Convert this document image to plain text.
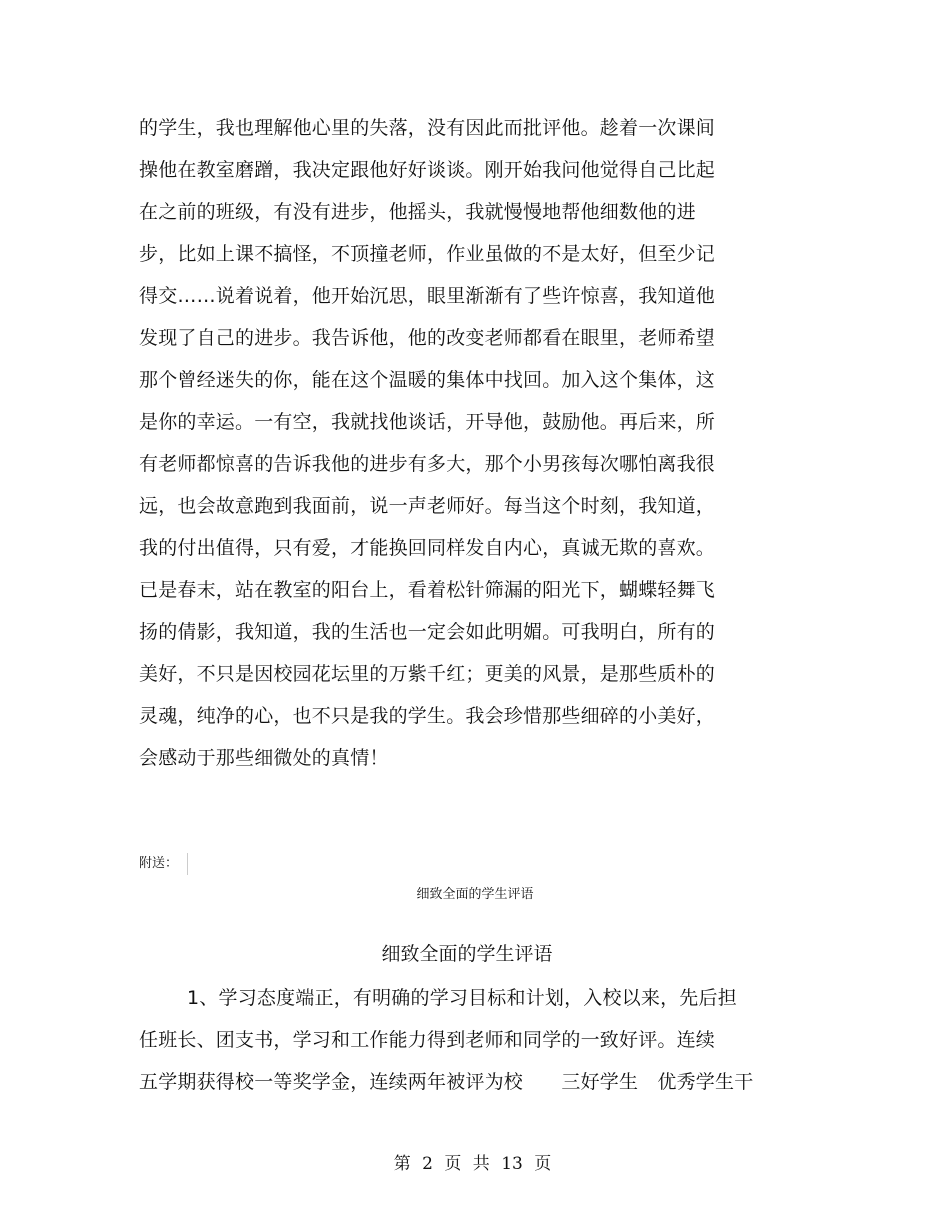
的学生，我也理解他心里的失落，没有因此而批评他。趁着一次课间
操他在教室磨蹭，我决定跟他好好谈谈。刚开始我问他觉得自己比起
在之前的班级，有没有进步，他摇头，我就慢慢地帮他细数他的进
步，比如上课不搞怪，不顶撞老师，作业虽做的不是太好，但至少记
得交……说着说着，他开始沉思，眼里渐渐有了些许惊喜，我知道他
发现了自己的进步。我告诉他，他的改变老师都看在眼里，老师希望
那个曾经迷失的你，能在这个温暖的集体中找回。加入这个集体，这
是你的幸运。一有空，我就找他谈话，开导他，鼓励他。再后来，所
有老师都惊喜的告诉我他的进步有多大，那个小男孩每次哪怕离我很
远，也会故意跑到我面前，说一声老师好。每当这个时刻，我知道，
我的付出值得，只有爱，才能换回同样发自内心，真诚无欺的喜欢。
已是春末，站在教室的阳台上，看着松针筛漏的阳光下，蝴蝶轻舞飞
扬的倩影，我知道，我的生活也一定会如此明媚。可我明白，所有的
美好，不只是因校园花坛里的万紫千红；更美的风景，是那些质朴的
灵魂，纯净的心，也不只是我的学生。我会珍惜那些细碎的小美好，
会感动于那些细微处的真情！
附送：
细致全面的学生评语
细致全面的学生评语
1、学习态度端正，有明确的学习目标和计划，入校以来，先后担
任班长、团支书，学习和工作能力得到老师和同学的一致好评。连续
五学期获得校一等奖学金，连续两年被评为校　　三好学生　优秀学生干
第 2 页 共 13 页
